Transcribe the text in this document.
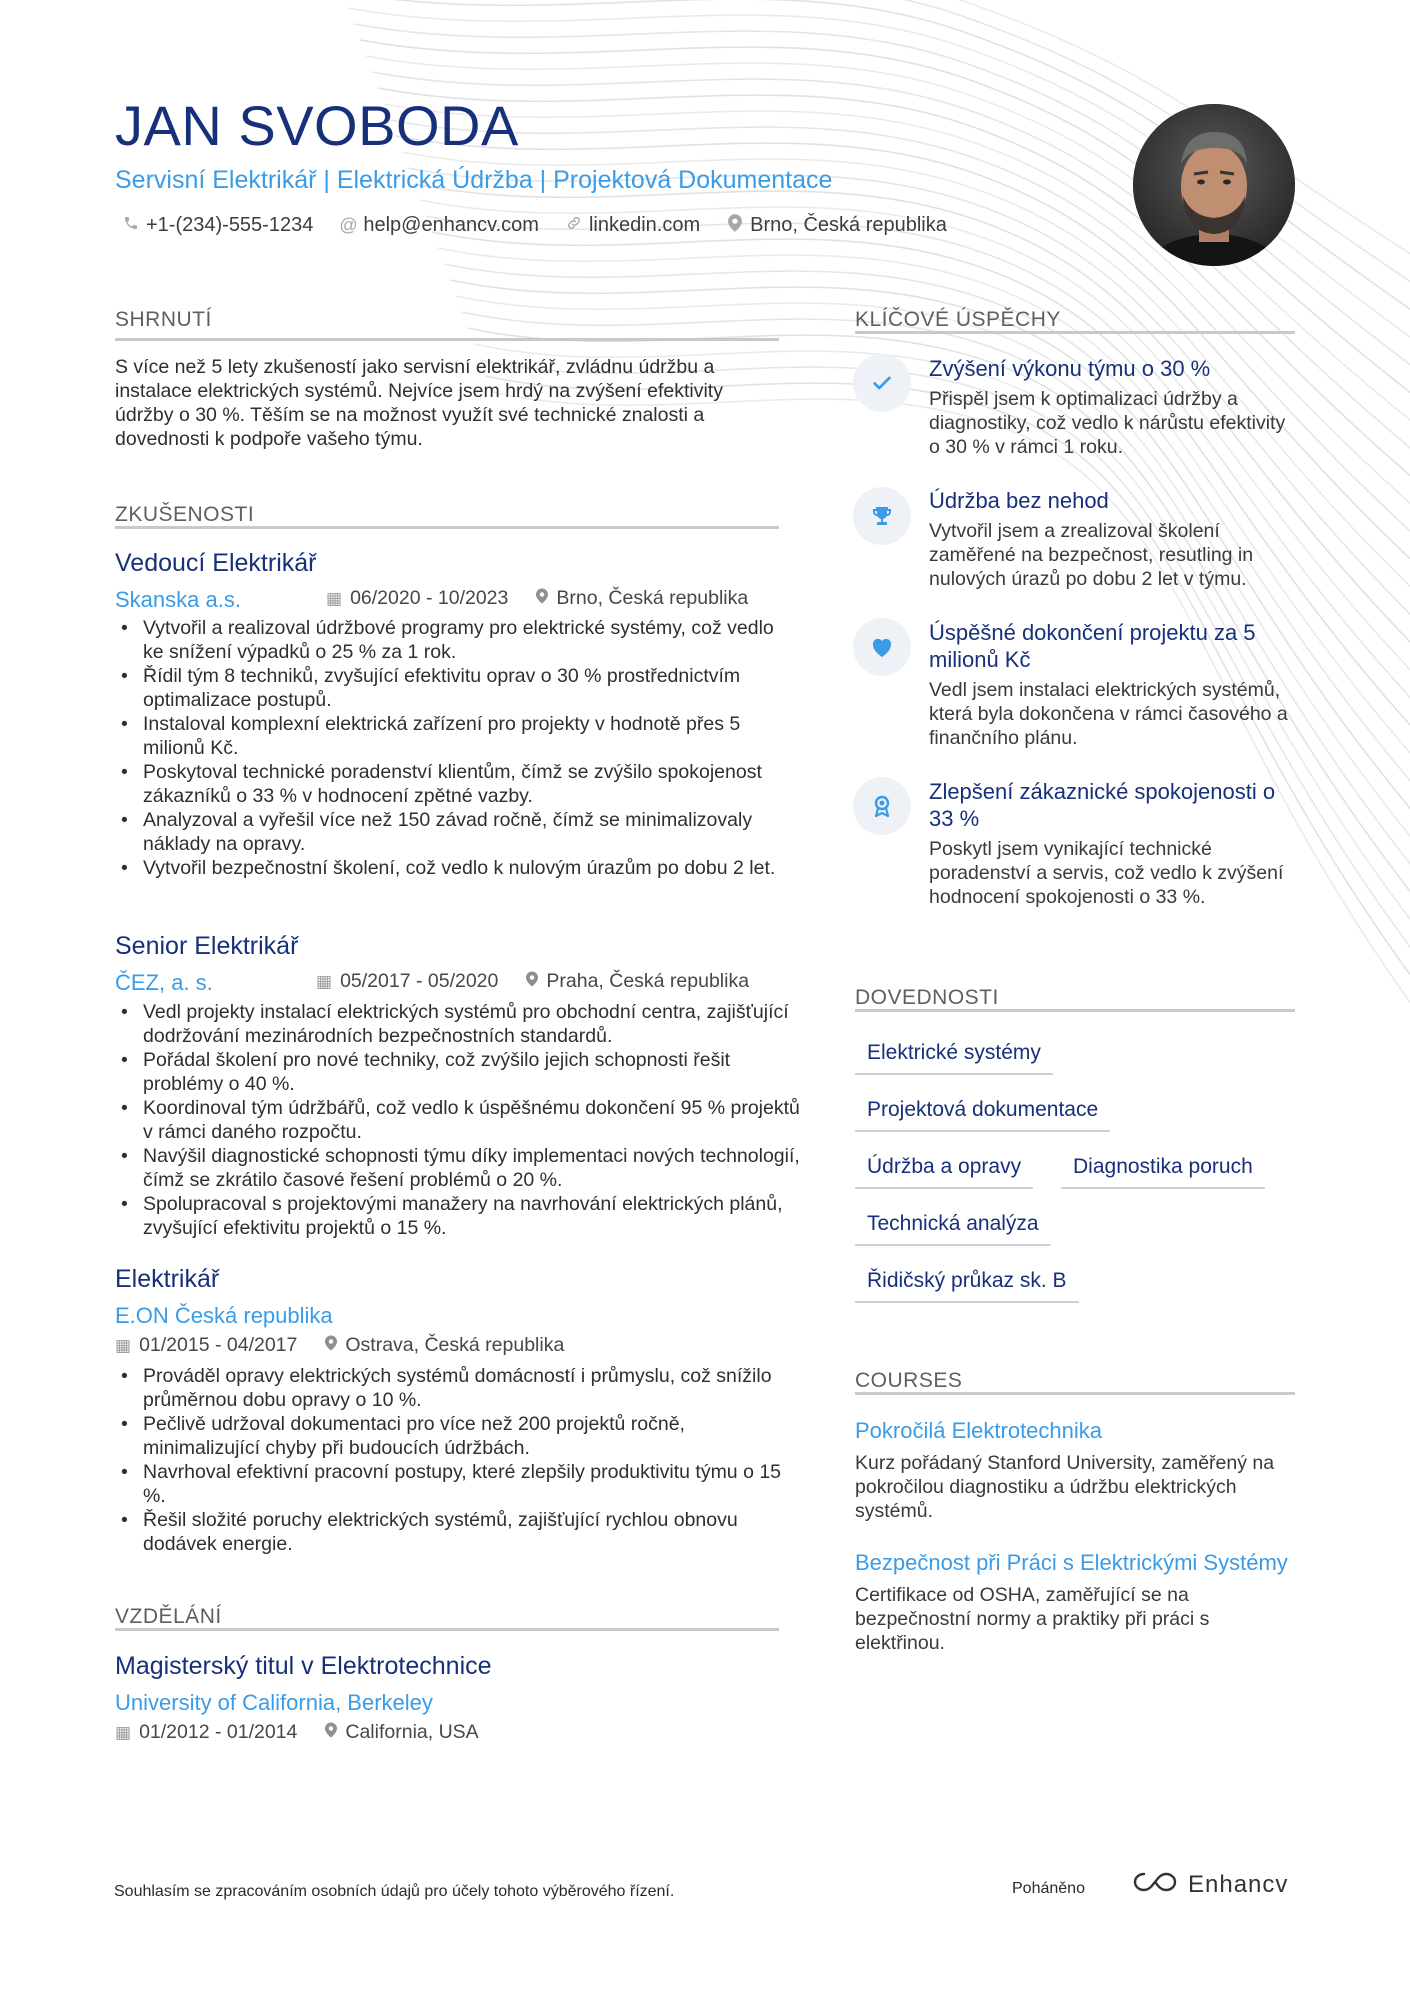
JAN SVOBODA
Servisní Elektrikář | Elektrická Údržba | Projektová Dokumentace
+1-(234)-555-1234 @ help@enhancv.com	linkedin.com	Brno, Česká republika
SHRNUTÍ
S více než 5 lety zkušeností jako servisní elektrikář, zvládnu údržbu a instalace elektrických systémů. Nejvíce jsem hrdý na zvýšení efektivity údržby o 30 %. Těším se na možnost využít své technické znalosti a dovednosti k podpoře vašeho týmu.
ZKUŠENOSTI
Vedoucí Elektrikář
Skanska a.s.	▦ 06/2020 - 10/2023 Brno, Česká republika
• Vytvořil a realizoval údržbové programy pro elektrické systémy, což vedlo ke snížení výpadků o 25 % za 1 rok.
• Řídil tým 8 techniků, zvyšující efektivitu oprav o 30 % prostřednictvím optimalizace postupů.
• Instaloval komplexní elektrická zařízení pro projekty v hodnotě přes 5 milionů Kč.
• Poskytoval technické poradenství klientům, čímž se zvýšilo spokojenost zákazníků o 33 % v hodnocení zpětné vazby.
• Analyzoval a vyřešil více než 150 závad ročně, čímž se minimalizovaly náklady na opravy.
• Vytvořil bezpečnostní školení, což vedlo k nulovým úrazům po dobu 2 let.
Senior Elektrikář
ČEZ, a. s.	▦ 05/2017 - 05/2020 Praha, Česká republika
• Vedl projekty instalací elektrických systémů pro obchodní centra, zajišťující dodržování mezinárodních bezpečnostních standardů.
• Pořádal školení pro nové techniky, což zvýšilo jejich schopnosti řešit problémy o 40 %.
• Koordinoval tým údržbářů, což vedlo k úspěšnému dokončení 95 % projektů v rámci daného rozpočtu.
• Navýšil diagnostické schopnosti týmu díky implementaci nových technologií, čímž se zkrátilo časové řešení problémů o 20 %.
• Spolupracoval s projektovými manažery na navrhování elektrických plánů, zvyšující efektivitu projektů o 15 %.
Elektrikář
E.ON Česká republika
▦ 01/2015 - 04/2017 Ostrava, Česká republika
• Prováděl opravy elektrických systémů domácností i průmyslu, což snížilo průměrnou dobu opravy o 10 %.
• Pečlivě udržoval dokumentaci pro více než 200 projektů ročně, minimalizující chyby při budoucích údržbách.
• Navrhoval efektivní pracovní postupy, které zlepšily produktivitu týmu o 15 %.
• Řešil složité poruchy elektrických systémů, zajišťující rychlou obnovu dodávek energie.
VZDĚLÁNÍ
Magisterský titul v Elektrotechnice
University of California, Berkeley
▦ 01/2012 - 01/2014 California, USA
KLÍČOVÉ ÚSPĚCHY
Zvýšení výkonu týmu o 30 %
Přispěl jsem k optimalizaci údržby a diagnostiky, což vedlo k nárůstu efektivity o 30 % v rámci 1 roku.
Údržba bez nehod
Vytvořil jsem a zrealizoval školení zaměřené na bezpečnost, resutling in nulových úrazů po dobu 2 let v týmu.
Úspěšné dokončení projektu za 5 milionů Kč
Vedl jsem instalaci elektrických systémů, která byla dokončena v rámci časového a finančního plánu.
Zlepšení zákaznické spokojenosti o 33 %
Poskytl jsem vynikající technické poradenství a servis, což vedlo k zvýšení hodnocení spokojenosti o 33 %.
DOVEDNOSTI
Elektrické systémy
Projektová dokumentace
Údržba a opravy	Diagnostika poruch
Technická analýza
Řidičský průkaz sk. B
COURSES
Pokročilá Elektrotechnika
Kurz pořádaný Stanford University, zaměřený na pokročilou diagnostiku a údržbu elektrických systémů.
Bezpečnost při Práci s Elektrickými Systémy
Certifikace od OSHA, zaměřující se na bezpečnostní normy a praktiky při práci s elektřinou.
Souhlasím se zpracováním osobních údajů pro účely tohoto výběrového řízení.	Poháněno	Enhancv
